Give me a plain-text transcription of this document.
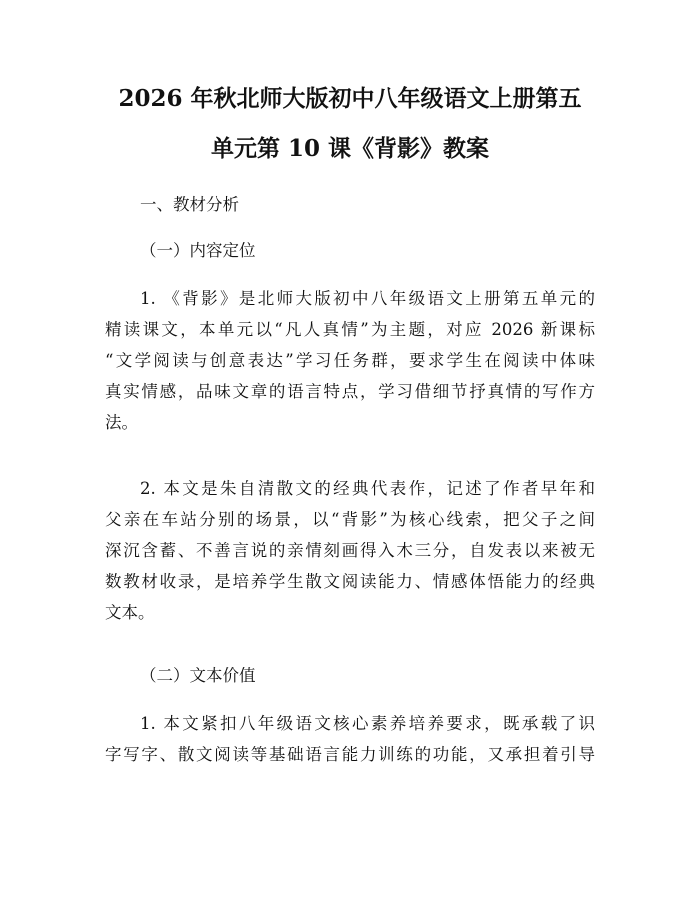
2026 年秋北师大版初中八年级语文上册第五
单元第 10 课《背影》教案

一、教材分析

（一）内容定位

1. 《背影》是北师大版初中八年级语文上册第五单元的
精读课文，本单元以“凡人真情”为主题，对应 2026 新课标
“文学阅读与创意表达”学习任务群，要求学生在阅读中体味
真实情感，品味文章的语言特点，学习借细节抒真情的写作方
法。
2. 本文是朱自清散文的经典代表作，记述了作者早年和
父亲在车站分别的场景，以“背影”为核心线索，把父子之间
深沉含蓄、不善言说的亲情刻画得入木三分，自发表以来被无
数教材收录，是培养学生散文阅读能力、情感体悟能力的经典
文本。

（二）文本价值

1. 本文紧扣八年级语文核心素养培养要求，既承载了识
字写字、散文阅读等基础语言能力训练的功能，又承担着引导
